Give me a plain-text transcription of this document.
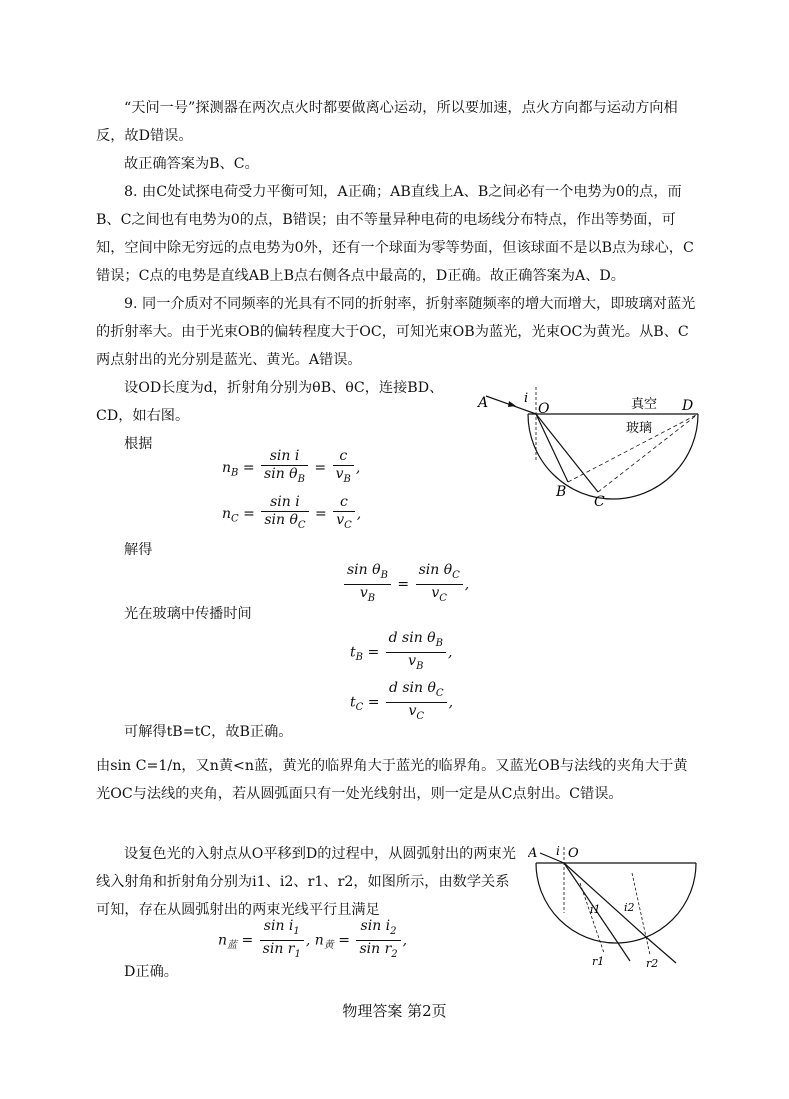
“天问一号”探测器在两次点火时都要做离心运动，所以要加速，点火方向都与运动方向相反，故D错误。
故正确答案为B、C。
8. 由C处试探电荷受力平衡可知，A正确；AB直线上A、B之间必有一个电势为0的点，而B、C之间也有电势为0的点，B错误；由不等量异种电荷的电场线分布特点，作出等势面，可知，空间中除无穷远的点电势为0外，还有一个球面为零等势面，但该球面不是以B点为球心，C错误；C点的电势是直线AB上B点右侧各点中最高的，D正确。故正确答案为A、D。
9. 同一介质对不同频率的光具有不同的折射率，折射率随频率的增大而增大，即玻璃对蓝光的折射率大。由于光束OB的偏转程度大于OC，可知光束OB为蓝光，光束OC为黄光。从B、C两点射出的光分别是蓝光、黄光。A错误。
设OD长度为d，折射角分别为θB、θC，连接BD、CD，如右图。
根据
$n_B = \frac{\text{sin i}}{\sin \theta_B} = \frac{c}{v_B}$ ,
$n_C = \frac{\text{sin i}}{\sin \theta_C} = \frac{c}{v_C}$ ,
解得
$\frac{\sin \theta_B}{v_B} = \frac{\sin \theta_C}{v_C}$ ,
光在玻璃中传播时间
$t_B = \frac{d \sin \theta_B}{v_B}$ ,
$t_C = \frac{d \sin \theta_C}{v_C}$ ,
可解得tB=tC，故B正确。
由sin C=1/n，又n黄<n蓝，黄光的临界角大于蓝光的临界角。又蓝光OB与法线的夹角大于黄光OC与法线的夹角，若从圆弧面只有一处光线射出，则一定是从C点射出。C错误。
设复色光的入射点从O平移到D的过程中，从圆弧射出的两束光线入射角和折射角分别为i1、i2、r1、r2，如图所示，由数学关系可知，存在从圆弧射出的两束光线平行且满足
$n_蓝 = \frac{\sin i_1}{\sin r_1}$ , $n_黄 = \frac{\sin i_2}{\sin r_2}$ ,
D正确。
A	i
O	真空 D
玻璃
B
C
A i O
i1 i2
r1	r2
物理答案 第2页
